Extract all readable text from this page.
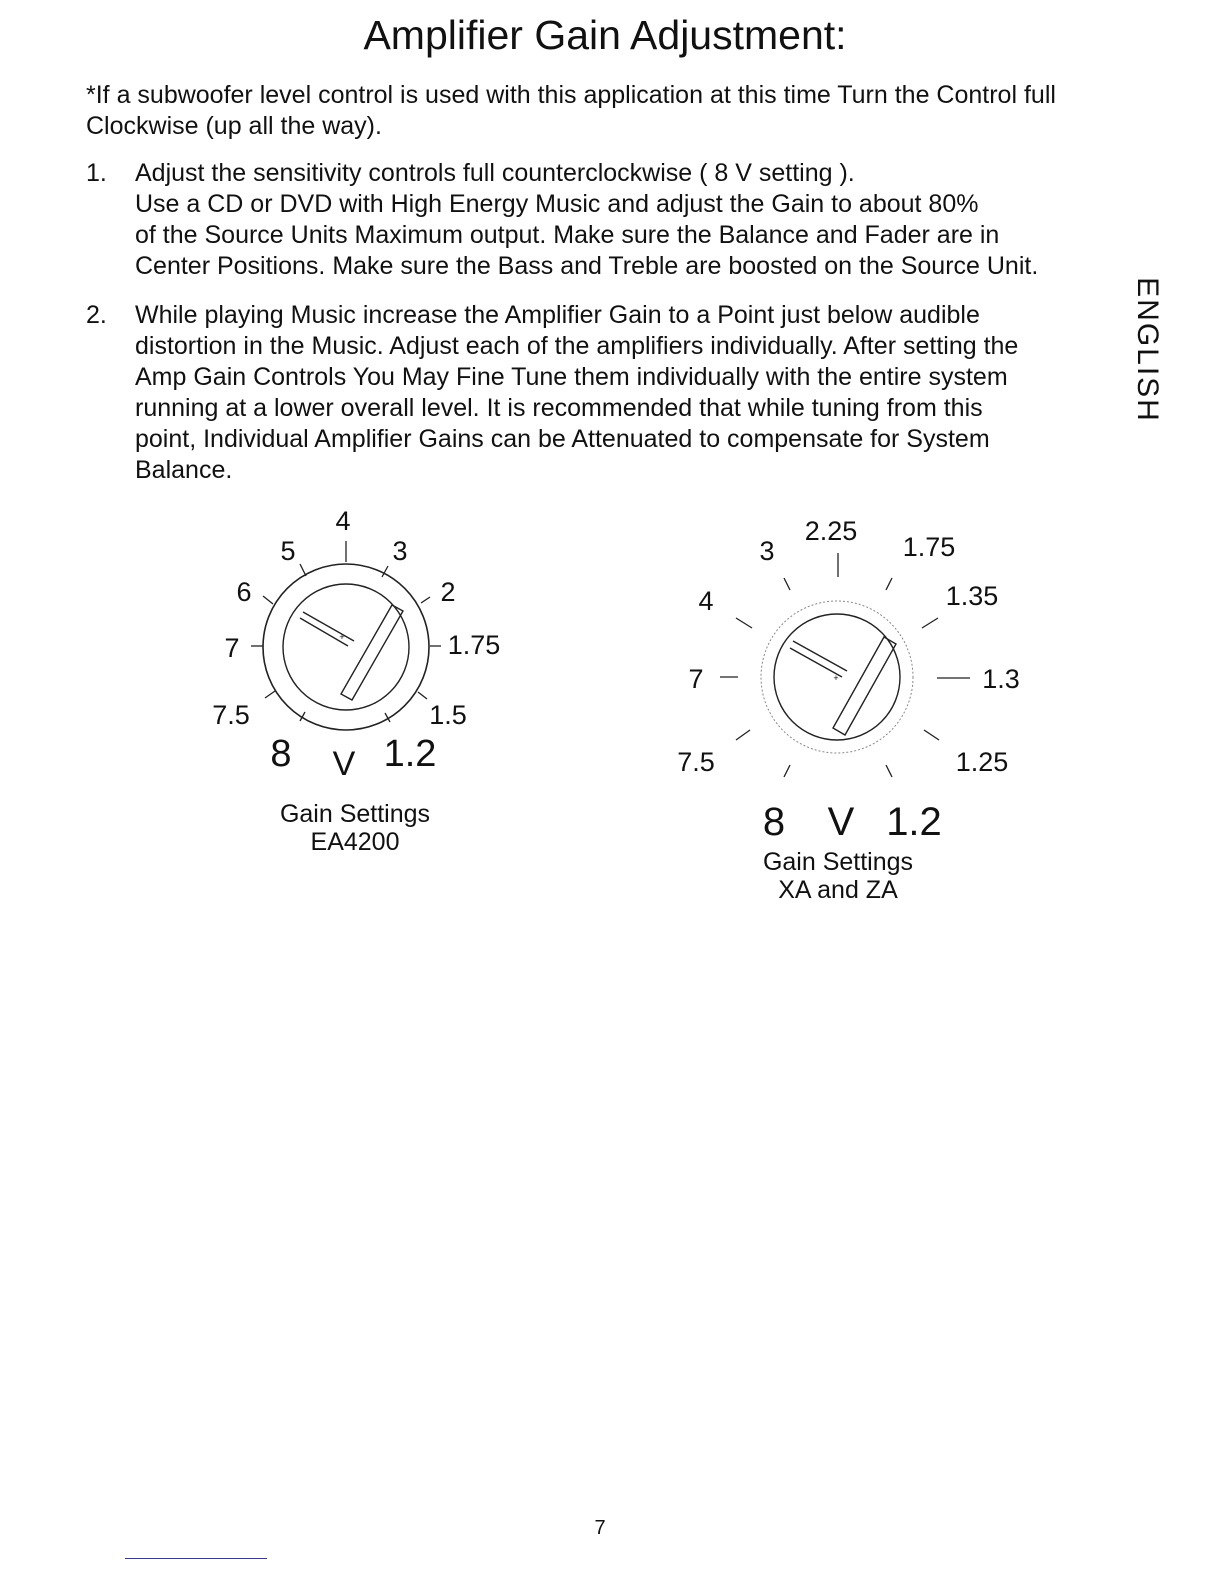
Amplifier Gain Adjustment:
*If a subwoofer level control is used with this application at this time Turn the Control full Clockwise (up all the way).
1. Adjust the sensitivity controls full counterclockwise ( 8 V setting ).
Use a CD or DVD with High Energy Music and adjust the Gain to about 80%
of the Source Units Maximum output. Make sure the Balance and Fader are in
Center Positions. Make sure the Bass and Treble are boosted on the Source Unit.
2. While playing Music increase the Amplifier Gain to a Point just below audible
distortion in the Music. Adjust each of the amplifiers individually. After setting the
Amp Gain Controls You May Fine Tune them individually with the entire system
running at a lower overall level. It is recommended that while tuning from this
point, Individual Amplifier Gains can be Attenuated to compensate for System
Balance.
ENGLISH
+
4
5	3
6	2
7	1.75
7.5	1.5
8 V 1.2
+
2.25
3	1.75
4	1.35
7	1.3
7.5	1.25
8 V 1.2
Gain Settings
EA4200
Gain Settings
XA and ZA
7
